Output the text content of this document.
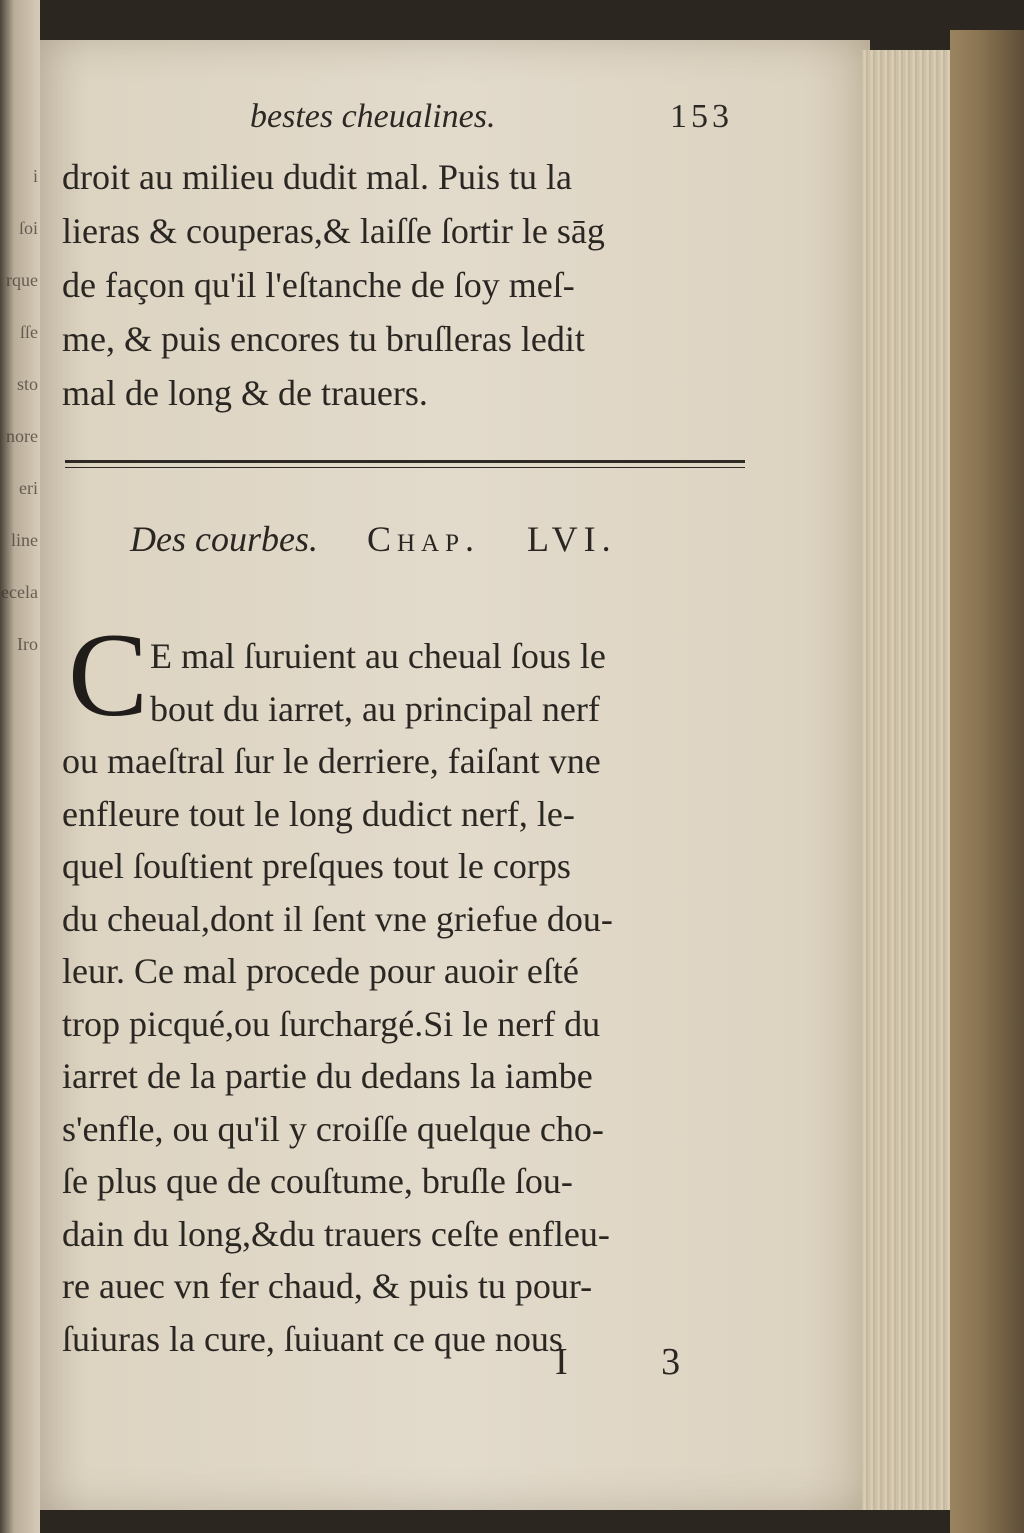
i
ſoi
rque
ſſe
sto
nore
eri
line
ecela
Iro
bestes cheualines.	153
droit au milieu dudit mal. Puis tu la
lieras & couperas,& laiſſe ſortir le sāg
de façon qu'il l'eſtanche de ſoy meſ-
me, & puis encores tu bruſleras ledit
mal de long & de trauers.
Des courbes. Chap. LVI.
C E mal ſuruient au cheual ſous le
bout du iarret, au principal nerf
ou maeſtral ſur le derriere, faiſant vne
enfleure tout le long dudict nerf, le-
quel ſouſtient preſques tout le corps
du cheual,dont il ſent vne griefue dou-
leur. Ce mal procede pour auoir eſté
trop picqué,ou ſurchargé.Si le nerf du
iarret de la partie du dedans la iambe
s'enfle, ou qu'il y croiſſe quelque cho-
ſe plus que de couſtume, bruſle ſou-
dain du long,&du trauers ceſte enfleu-
re auec vn fer chaud, & puis tu pour-
ſuiuras la cure, ſuiuant ce que nous
I 3
